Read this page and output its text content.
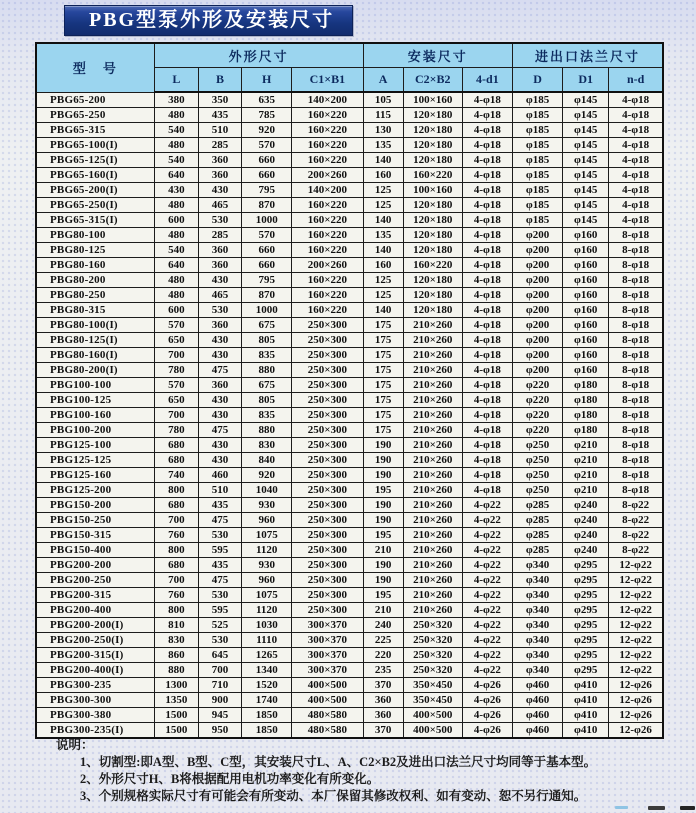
PBG型泵外形及安装尺寸
型　号	外形尺寸				安装尺寸			进出口法兰尺寸		
	L	B	H	C1×B1	A	C2×B2	4-d1	D	D1	n-d
PBG65-200	380	350	635	140×200	105	100×160	4-φ18	φ185	φ145	4-φ18
PBG65-250	480	435	785	160×220	115	120×180	4-φ18	φ185	φ145	4-φ18
PBG65-315	540	510	920	160×220	130	120×180	4-φ18	φ185	φ145	4-φ18
PBG65-100(I)	480	285	570	160×220	135	120×180	4-φ18	φ185	φ145	4-φ18
PBG65-125(I)	540	360	660	160×220	140	120×180	4-φ18	φ185	φ145	4-φ18
PBG65-160(I)	640	360	660	200×260	160	160×220	4-φ18	φ185	φ145	4-φ18
PBG65-200(I)	430	430	795	140×200	125	100×160	4-φ18	φ185	φ145	4-φ18
PBG65-250(I)	480	465	870	160×220	125	120×180	4-φ18	φ185	φ145	4-φ18
PBG65-315(I)	600	530	1000	160×220	140	120×180	4-φ18	φ185	φ145	4-φ18
PBG80-100	480	285	570	160×220	135	120×180	4-φ18	φ200	φ160	8-φ18
PBG80-125	540	360	660	160×220	140	120×180	4-φ18	φ200	φ160	8-φ18
PBG80-160	640	360	660	200×260	160	160×220	4-φ18	φ200	φ160	8-φ18
PBG80-200	480	430	795	160×220	125	120×180	4-φ18	φ200	φ160	8-φ18
PBG80-250	480	465	870	160×220	125	120×180	4-φ18	φ200	φ160	8-φ18
PBG80-315	600	530	1000	160×220	140	120×180	4-φ18	φ200	φ160	8-φ18
PBG80-100(I)	570	360	675	250×300	175	210×260	4-φ18	φ200	φ160	8-φ18
PBG80-125(I)	650	430	805	250×300	175	210×260	4-φ18	φ200	φ160	8-φ18
PBG80-160(I)	700	430	835	250×300	175	210×260	4-φ18	φ200	φ160	8-φ18
PBG80-200(I)	780	475	880	250×300	175	210×260	4-φ18	φ200	φ160	8-φ18
PBG100-100	570	360	675	250×300	175	210×260	4-φ18	φ220	φ180	8-φ18
PBG100-125	650	430	805	250×300	175	210×260	4-φ18	φ220	φ180	8-φ18
PBG100-160	700	430	835	250×300	175	210×260	4-φ18	φ220	φ180	8-φ18
PBG100-200	780	475	880	250×300	175	210×260	4-φ18	φ220	φ180	8-φ18
PBG125-100	680	430	830	250×300	190	210×260	4-φ18	φ250	φ210	8-φ18
PBG125-125	680	430	840	250×300	190	210×260	4-φ18	φ250	φ210	8-φ18
PBG125-160	740	460	920	250×300	190	210×260	4-φ18	φ250	φ210	8-φ18
PBG125-200	800	510	1040	250×300	195	210×260	4-φ18	φ250	φ210	8-φ18
PBG150-200	680	435	930	250×300	190	210×260	4-φ22	φ285	φ240	8-φ22
PBG150-250	700	475	960	250×300	190	210×260	4-φ22	φ285	φ240	8-φ22
PBG150-315	760	530	1075	250×300	195	210×260	4-φ22	φ285	φ240	8-φ22
PBG150-400	800	595	1120	250×300	210	210×260	4-φ22	φ285	φ240	8-φ22
PBG200-200	680	435	930	250×300	190	210×260	4-φ22	φ340	φ295	12-φ22
PBG200-250	700	475	960	250×300	190	210×260	4-φ22	φ340	φ295	12-φ22
PBG200-315	760	530	1075	250×300	195	210×260	4-φ22	φ340	φ295	12-φ22
PBG200-400	800	595	1120	250×300	210	210×260	4-φ22	φ340	φ295	12-φ22
PBG200-200(I)	810	525	1030	300×370	240	250×320	4-φ22	φ340	φ295	12-φ22
PBG200-250(I)	830	530	1110	300×370	225	250×320	4-φ22	φ340	φ295	12-φ22
PBG200-315(I)	860	645	1265	300×370	220	250×320	4-φ22	φ340	φ295	12-φ22
PBG200-400(I)	880	700	1340	300×370	235	250×320	4-φ22	φ340	φ295	12-φ22
PBG300-235	1300	710	1520	400×500	370	350×450	4-φ26	φ460	φ410	12-φ26
PBG300-300	1350	900	1740	400×500	360	350×450	4-φ26	φ460	φ410	12-φ26
PBG300-380	1500	945	1850	480×580	360	400×500	4-φ26	φ460	φ410	12-φ26
PBG300-235(I)	1500	950	1850	480×580	370	400×500	4-φ26	φ460	φ410	12-φ26
说明：
1、切割型:即A型、B型、C型，其安装尺寸L、A、C2×B2及进出口法兰尺寸均同等于基本型。
2、外形尺寸H、B将根据配用电机功率变化有所变化。
3、个别规格实际尺寸有可能会有所变动、本厂保留其修改权利、如有变动、恕不另行通知。
